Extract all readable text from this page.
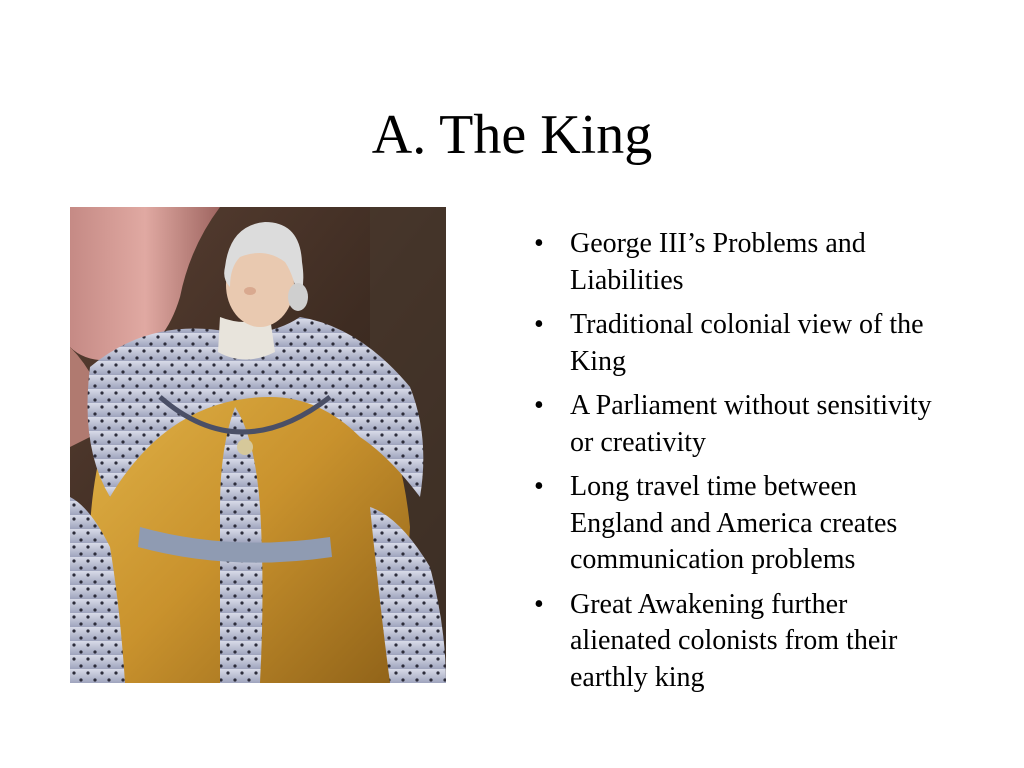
A. The King
• George III’s Problems and Liabilities
• Traditional colonial view of the King
• A Parliament without sensitivity or creativity
• Long travel time between England and America creates communication problems
• Great Awakening further alienated colonists from their earthly king
